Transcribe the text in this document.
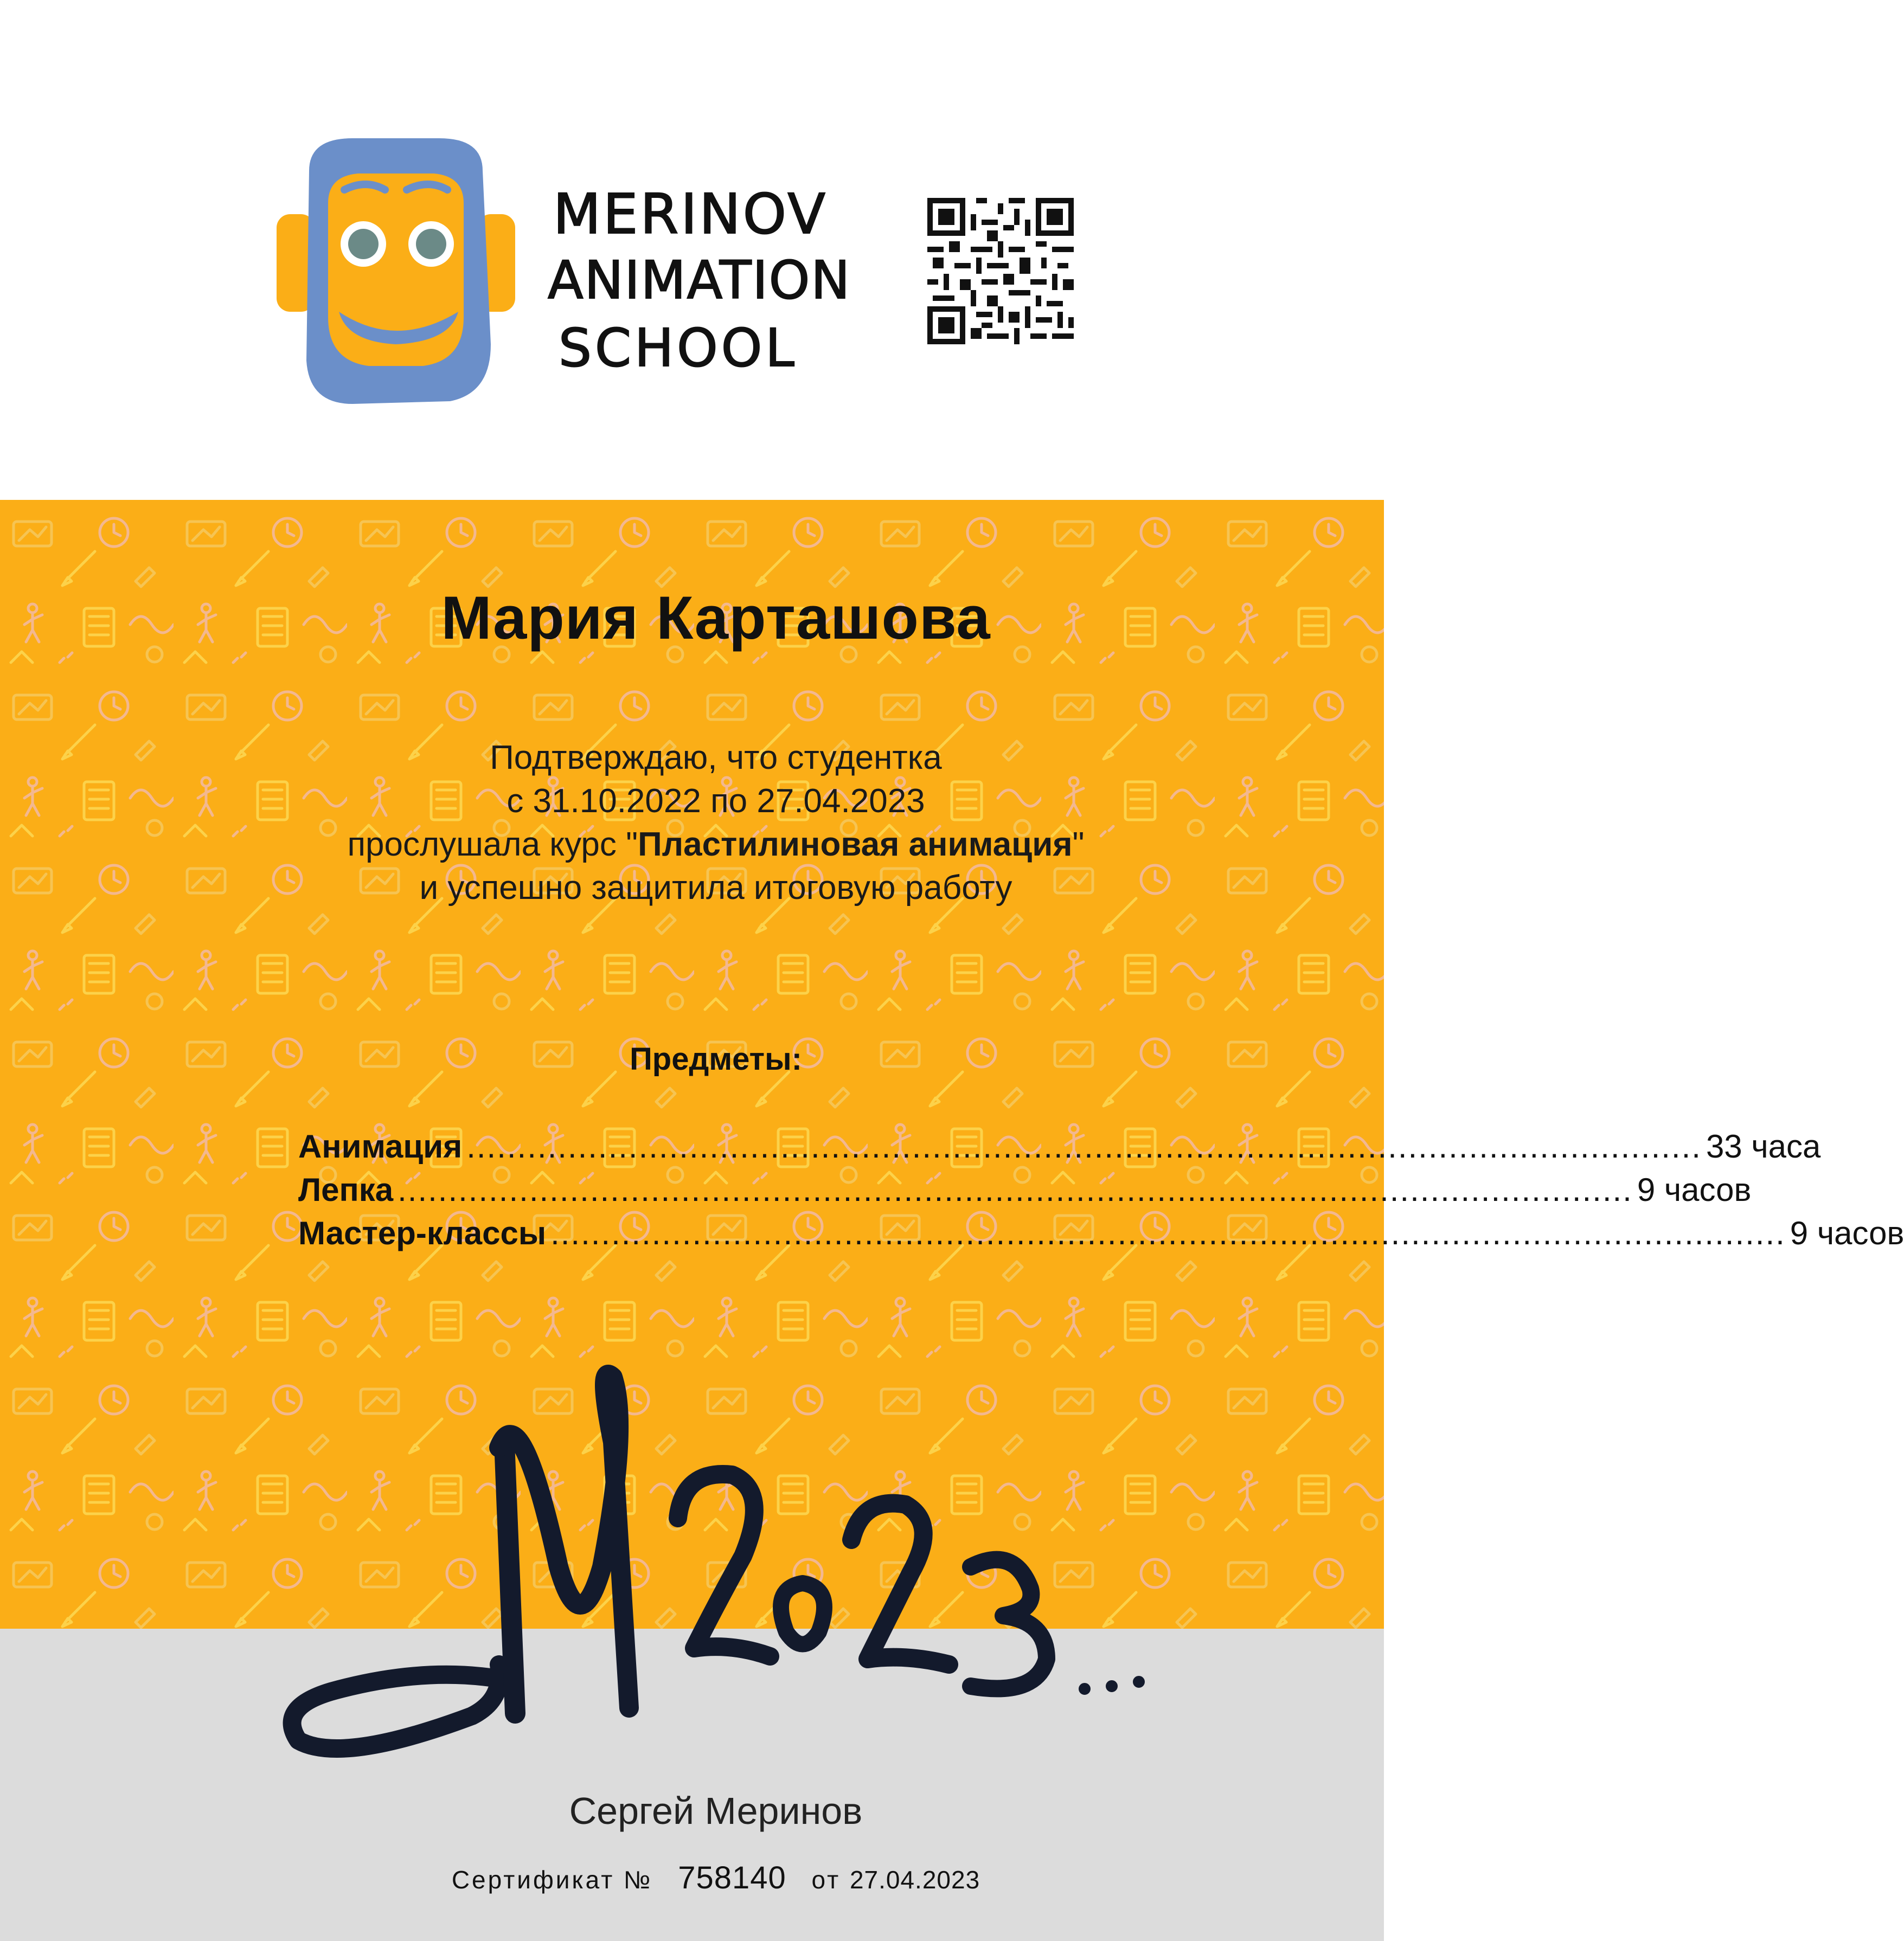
MERINOV
ANIMATION
SCHOOL
Мария Карташова
Подтверждаю, что студентка
с 31.10.2022 по 27.04.2023
прослушала курс "Пластилиновая анимация"
и успешно защитила итоговую работу
Предметы:
Анимация .......................................................................................................................... 33 часа
Лепка .......................................................................................................................... 9 часов
Мастер-классы .......................................................................................................................... 9 часов
Сергей Меринов
Сертификат № 758140 от 27.04.2023
